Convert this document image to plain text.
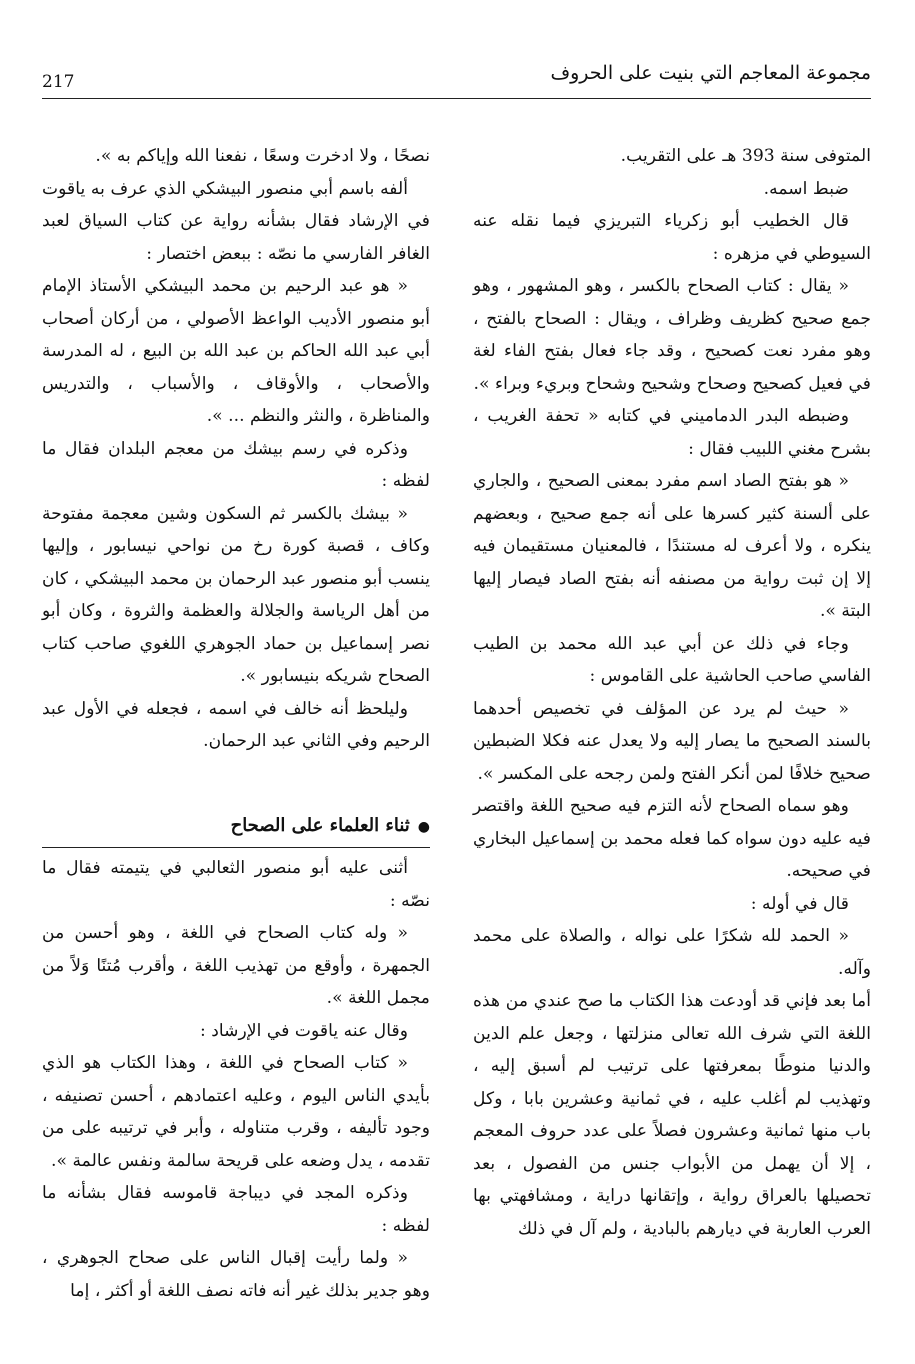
217	مجموعة المعاجم التي بنيت على الحروف

المتوفى سنة 393 هـ على التقريب.

ضبط اسمه.

قال الخطيب أبو زكرياء التبريزي فيما نقله عنه السيوطي في مزهره :

« يقال : كتاب الصحاح بالكسر ، وهو المشهور ، وهو جمع صحيح كظريف وظراف ، ويقال : الصحاح بالفتح ، وهو مفرد نعت كصحيح ، وقد جاء فعال بفتح الفاء لغة في فعيل كصحيح وصحاح وشحيح وشحاح وبريء وبراء ».

وضبطه البدر الدماميني في كتابه « تحفة الغريب ، بشرح مغني اللبيب فقال :

« هو بفتح الصاد اسم مفرد بمعنى الصحيح ، والجاري على ألسنة كثير كسرها على أنه جمع صحيح ، وبعضهم ينكره ، ولا أعرف له مستندًا ، فالمعنيان مستقيمان فيه إلا إن ثبت رواية من مصنفه أنه بفتح الصاد فيصار إليها البتة ».

وجاء في ذلك عن أبي عبد الله محمد بن الطيب الفاسي صاحب الحاشية على القاموس :

« حيث لم يرد عن المؤلف في تخصيص أحدهما بالسند الصحيح ما يصار إليه ولا يعدل عنه فكلا الضبطين صحيح خلافًا لمن أنكر الفتح ولمن رجحه على المكسر ».

وهو سماه الصحاح لأنه التزم فيه صحيح اللغة واقتصر فيه عليه دون سواه كما فعله محمد بن إسماعيل البخاري في صحيحه.

قال في أوله :

« الحمد لله شكرًا على نواله ، والصلاة على محمد وآله.

أما بعد فإني قد أودعت هذا الكتاب ما صح عندي من هذه اللغة التي شرف الله تعالى منزلتها ، وجعل علم الدين والدنيا منوطًا بمعرفتها على ترتيب لم أسبق إليه ، وتهذيب لم أغلب عليه ، في ثمانية وعشرين بابا ، وكل باب منها ثمانية وعشرون فصلاً على عدد حروف المعجم ، إلا أن يهمل من الأبواب جنس من الفصول ، بعد تحصيلها بالعراق رواية ، وإتقانها دراية ، ومشافهتي بها العرب العاربة في ديارهم بالبادية ، ولم آل في ذلك

نصحًا ، ولا ادخرت وسعًا ، نفعنا الله وإياكم به ».

ألفه باسم أبي منصور البيشكي الذي عرف به ياقوت في الإرشاد فقال بشأنه رواية عن كتاب السياق لعبد الغافر الفارسي ما نصّه : ببعض اختصار :

« هو عبد الرحيم بن محمد البيشكي الأستاذ الإمام أبو منصور الأديب الواعظ الأصولي ، من أركان أصحاب أبي عبد الله الحاكم بن عبد الله بن البيع ، له المدرسة والأصحاب ، والأوقاف ، والأسباب ، والتدريس والمناظرة ، والنثر والنظم ... ».

وذكره في رسم بيشك من معجم البلدان فقال ما لفظه :

« بيشك بالكسر ثم السكون وشين معجمة مفتوحة وكاف ، قصبة كورة رخ من نواحي نيسابور ، وإليها ينسب أبو منصور عبد الرحمان بن محمد البيشكي ، كان من أهل الرياسة والجلالة والعظمة والثروة ، وكان أبو نصر إسماعيل بن حماد الجوهري اللغوي صاحب كتاب الصحاح شريكه بنيسابور ».

وليلحظ أنه خالف في اسمه ، فجعله في الأول عبد الرحيم وفي الثاني عبد الرحمان.

●ثناء العلماء على الصحاح

أثنى عليه أبو منصور الثعالبي في يتيمته فقال ما نصّه :

« وله كتاب الصحاح في اللغة ، وهو أحسن من الجمهرة ، وأوقع من تهذيب اللغة ، وأقرب مُتنًا وَلاً من مجمل اللغة ».

وقال عنه ياقوت في الإرشاد :

« كتاب الصحاح في اللغة ، وهذا الكتاب هو الذي بأيدي الناس اليوم ، وعليه اعتمادهم ، أحسن تصنيفه ، وجود تأليفه ، وقرب متناوله ، وأبر في ترتيبه على من تقدمه ، يدل وضعه على قريحة سالمة ونفس عالمة ».

وذكره المجد في ديباجة قاموسه فقال بشأنه ما لفظه :

« ولما رأيت إقبال الناس على صحاح الجوهري ، وهو جدير بذلك غير أنه فاته نصف اللغة أو أكثر ، إما
